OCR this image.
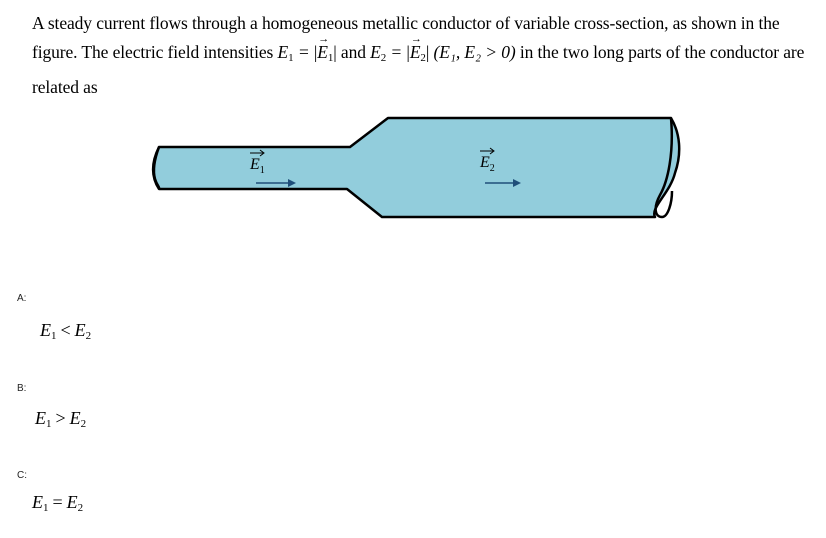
A steady current flows through a homogeneous metallic conductor of variable cross-section, as shown in the figure. The electric field intensities $E_1$ = |→ $E_1|$ and $E_2$ = |→ $E_2|$ (E₁, E₂ > 0) in the two long parts of the conductor are related as
$E_1$	$E_2$
A:
$E_1 < E_2$
B:
$E_1 > E_2$
C:
$E_1 = E_2$
